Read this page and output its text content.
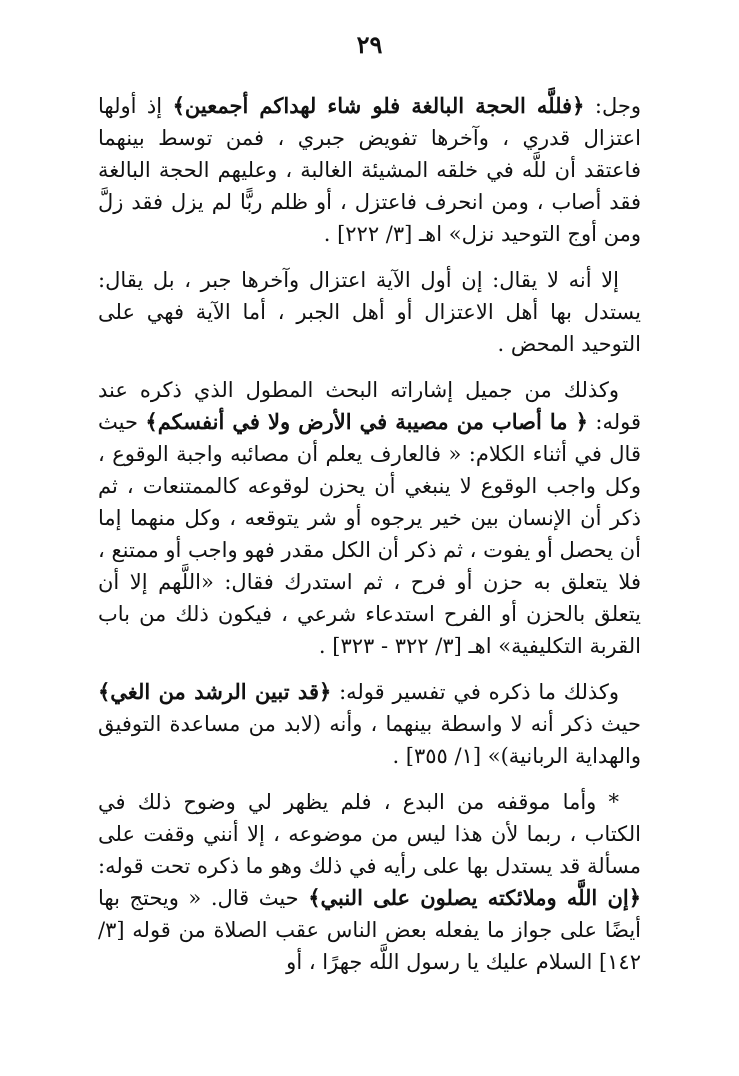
٢٩

وجل: ﴿فللَّه الحجة البالغة فلو شاء لهداكم أجمعين﴾ إذ أولها اعتزال قدري ، وآخرها تفويض جبري ، فمن توسط بينهما فاعتقد أن للَّه في خلقه المشيئة الغالبة ، وعليهم الحجة البالغة فقد أصاب ، ومن انحرف فاعتزل ، أو ظلم ربًّا لم يزل فقد زلَّ ومن أوج التوحيد نزل» اهـ [٣/ ٢٢٢] .

إلا أنه لا يقال: إن أول الآية اعتزال وآخرها جبر ، بل يقال: يستدل بها أهل الاعتزال أو أهل الجبر ، أما الآية فهي على التوحيد المحض .

وكذلك من جميل إشاراته البحث المطول الذي ذكره عند قوله: ﴿ ما أصاب من مصيبة في الأرض ولا في أنفسكم﴾ حيث قال في أثناء الكلام: « فالعارف يعلم أن مصائبه واجبة الوقوع ، وكل واجب الوقوع لا ينبغي أن يحزن لوقوعه كالممتنعات ، ثم ذكر أن الإنسان بين خير يرجوه أو شر يتوقعه ، وكل منهما إما أن يحصل أو يفوت ، ثم ذكر أن الكل مقدر فهو واجب أو ممتنع ، فلا يتعلق به حزن أو فرح ، ثم استدرك فقال: «اللَّهم إلا أن يتعلق بالحزن أو الفرح استدعاء شرعي ، فيكون ذلك من باب القربة التكليفية» اهـ [٣/ ٣٢٢ - ٣٢٣] .

وكذلك ما ذكره في تفسير قوله: ﴿قد تبين الرشد من الغي﴾ حيث ذكر أنه لا واسطة بينهما ، وأنه (لابد من مساعدة التوفيق والهداية الربانية)» [١/ ٣٥٥] .

* وأما موقفه من البدع ، فلم يظهر لي وضوح ذلك في الكتاب ، ربما لأن هذا ليس من موضوعه ، إلا أنني وقفت على مسألة قد يستدل بها على رأيه في ذلك وهو ما ذكره تحت قوله: ﴿إن اللَّه وملائكته يصلون على النبي﴾ حيث قال. « ويحتج بها أيضًا على جواز ما يفعله بعض الناس عقب الصلاة من قوله [٣/ ١٤٢] السلام عليك يا رسول اللَّه جهرًا ، أو
